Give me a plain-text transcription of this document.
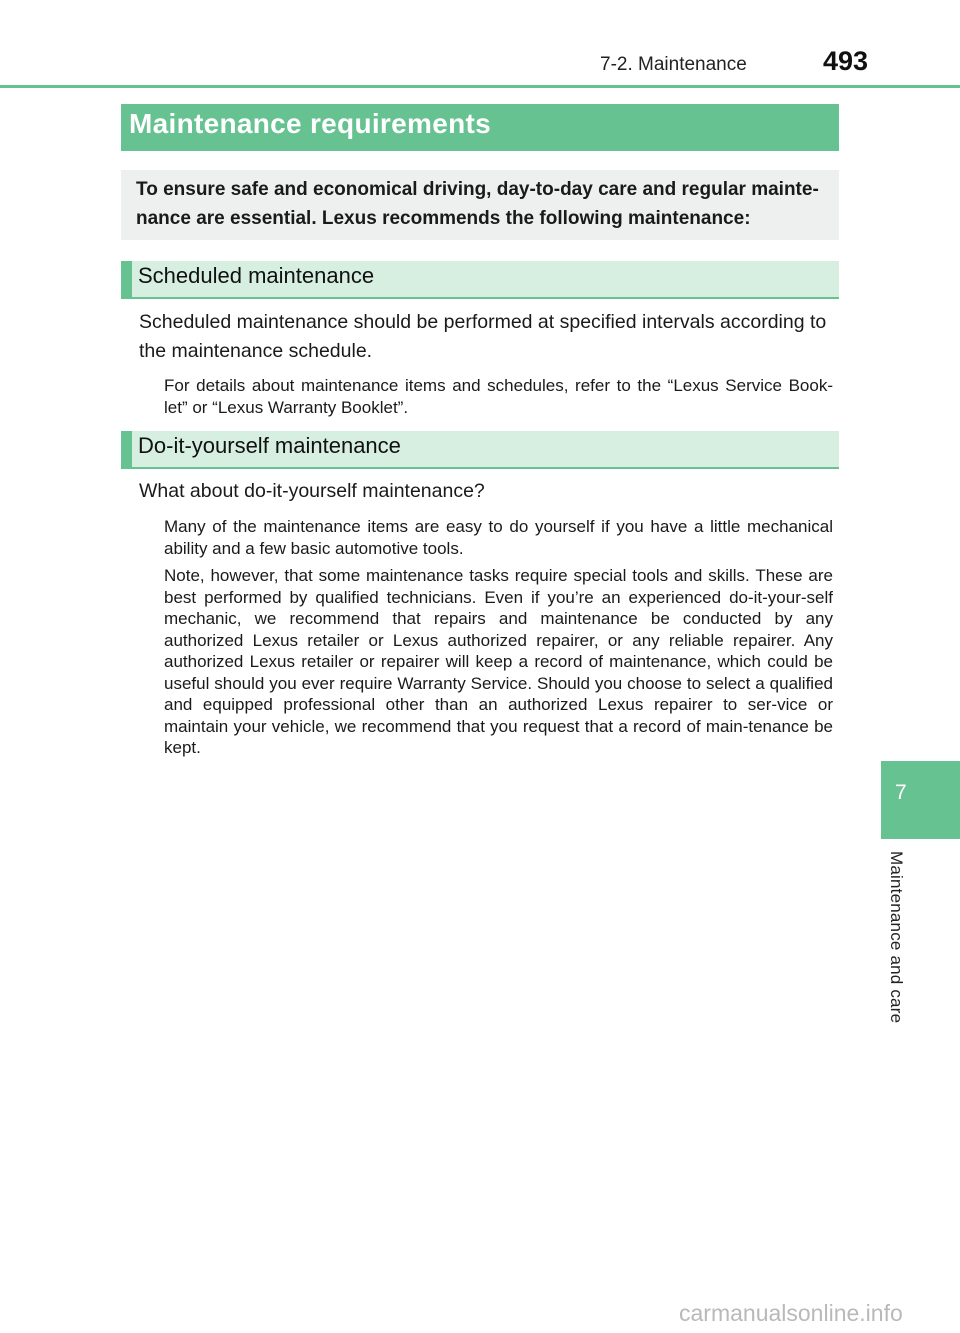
7-2. Maintenance	493
Maintenance requirements
To ensure safe and economical driving, day-to-day care and regular mainte-nance are essential. Lexus recommends the following maintenance:
Scheduled maintenance
Scheduled maintenance should be performed at specified intervals according to the maintenance schedule.
For details about maintenance items and schedules, refer to the “Lexus Service Book-let” or “Lexus Warranty Booklet”.
Do-it-yourself maintenance
What about do-it-yourself maintenance?
Many of the maintenance items are easy to do yourself if you have a little mechanical ability and a few basic automotive tools.
Note, however, that some maintenance tasks require special tools and skills. These are best performed by qualified technicians. Even if you’re an experienced do-it-your-self mechanic, we recommend that repairs and maintenance be conducted by any authorized Lexus retailer or Lexus authorized repairer, or any reliable repairer. Any authorized Lexus retailer or repairer will keep a record of maintenance, which could be useful should you ever require Warranty Service. Should you choose to select a qualified and equipped professional other than an authorized Lexus repairer to ser-vice or maintain your vehicle, we recommend that you request that a record of main-tenance be kept.
7
Maintenance and care
carmanualsonline.info
